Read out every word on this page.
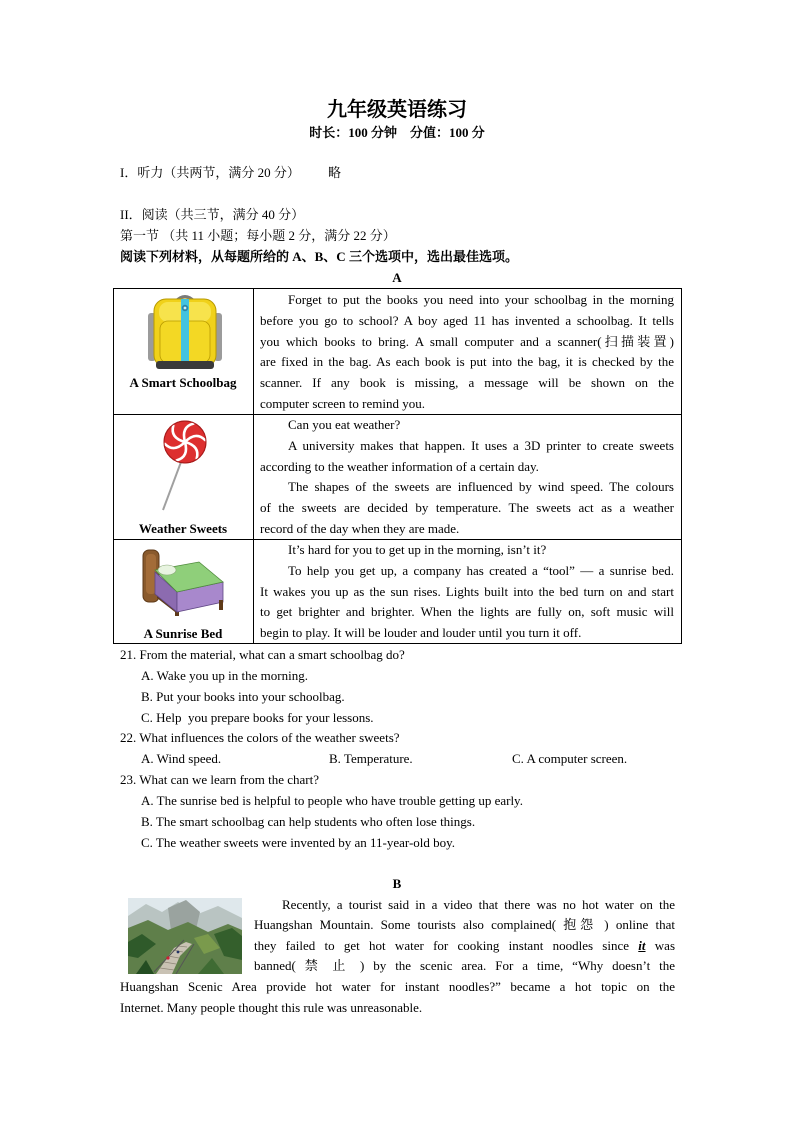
九年级英语练习
时长：100 分钟    分值：100 分
I．听力（共两节，满分 20 分） 略
II．阅读（共三节，满分 40 分）
第一节 （共 11 小题；每小题 2 分，满分 22 分）
阅读下列材料，从每题所给的 A、B、C 三个选项中，选出最佳选项。
A
A Smart Schoolbag
Forget to put the books you need into your schoolbag in the morning
before you go to school? A boy aged 11 has invented a schoolbag. It tells
you which books to bring. A small computer and a scanner(扫描装置)
are fixed in the bag. As each book is put into the bag, it is checked by the
scanner. If any book is missing, a message will be shown on the
computer screen to remind you.
Weather Sweets
Can you eat weather?
A university makes that happen. It uses a 3D printer to create sweets
according to the weather information of a certain day.
The shapes of the sweets are influenced by wind speed. The colours
of the sweets are decided by temperature. The sweets act as a weather
record of the day when they are made.
A Sunrise Bed
It’s hard for you to get up in the morning, isn’t it?
To help you get up, a company has created a “tool” — a sunrise bed.
It wakes you up as the sun rises. Lights built into the bed turn on and start
to get brighter and brighter. When the lights are fully on, soft music will
begin to play. It will be louder and louder until you turn it off.
21. From the material, what can a smart schoolbag do?
A. Wake you up in the morning.
B. Put your books into your schoolbag.
C. Help  you prepare books for your lessons.
22. What influences the colors of the weather sweets?
A. Wind speed.	B. Temperature.	C. A computer screen.
23. What can we learn from the chart?
A. The sunrise bed is helpful to people who have trouble getting up early.
B. The smart schoolbag can help students who often lose things.
C. The weather sweets were invented by an 11-year-old boy.
B
Recently, a tourist said in a video that there was no hot water on the
Huangshan Mountain. Some tourists also complained( 抱怨 ) online that
they failed to get hot water for cooking instant noodles since it was
banned( 禁 止 ) by the scenic area. For a time, “Why doesn’t the
Huangshan Scenic Area provide hot water for instant noodles?” became a hot topic on the
Internet. Many people thought this rule was unreasonable.
